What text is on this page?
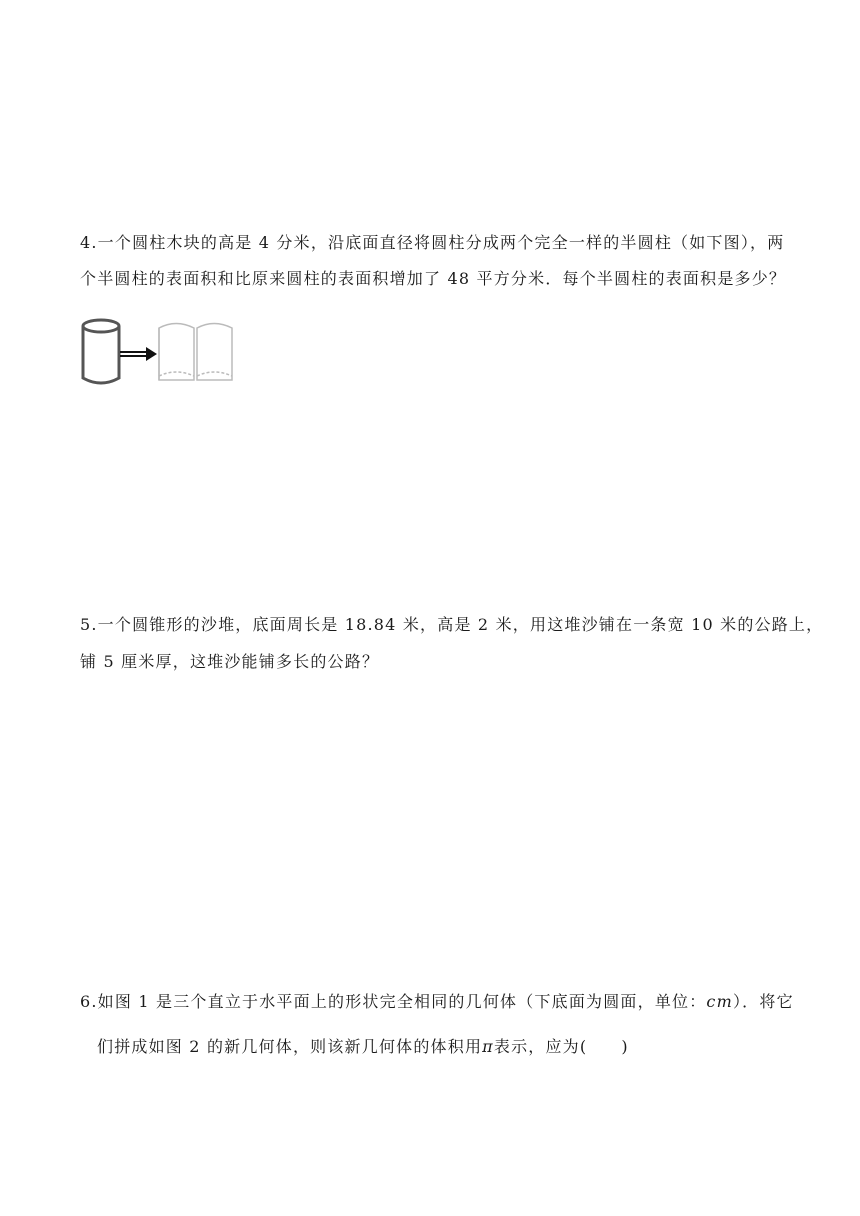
4.一个圆柱木块的高是 4 分米，沿底面直径将圆柱分成两个完全一样的半圆柱（如下图），两
个半圆柱的表面积和比原来圆柱的表面积增加了 48 平方分米．每个半圆柱的表面积是多少？
5.一个圆锥形的沙堆，底面周长是 18.84 米，高是 2 米，用这堆沙铺在一条宽 10 米的公路上，
铺 5 厘米厚，这堆沙能铺多长的公路？
6.如图 1 是三个直立于水平面上的形状完全相同的几何体（下底面为圆面，单位：cm）．将它
们拼成如图 2 的新几何体，则该新几何体的体积用π表示，应为( )
